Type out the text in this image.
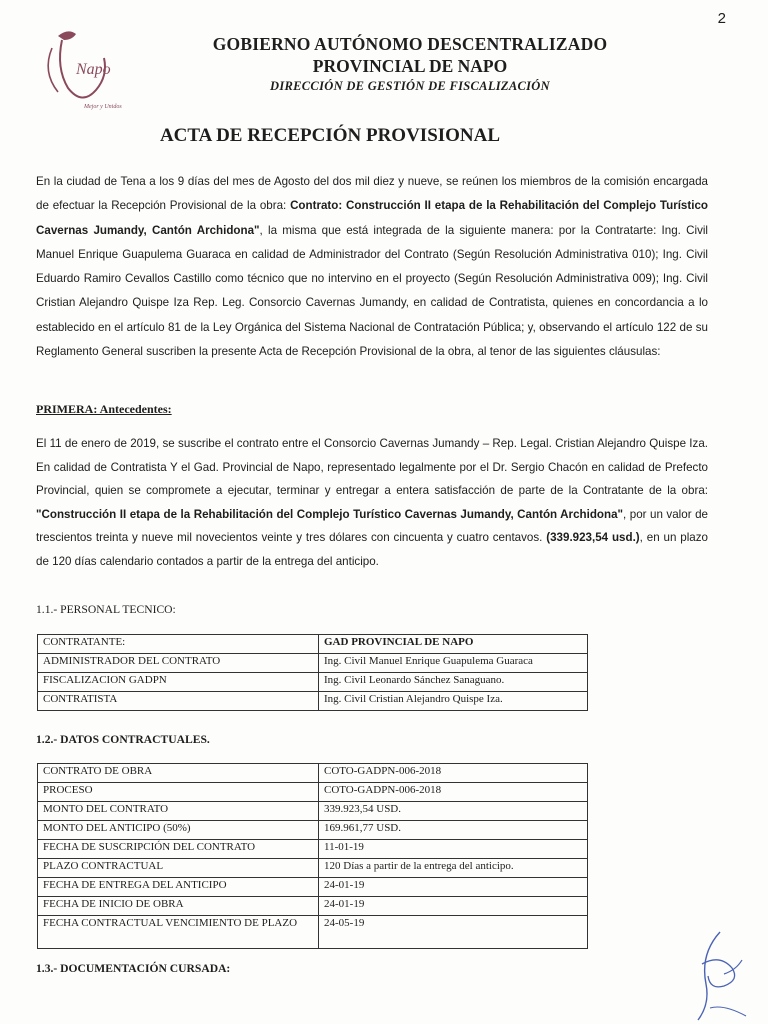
2
Napo
Mejor y Unidos
GOBIERNO AUTÓNOMO DESCENTRALIZADO
PROVINCIAL DE NAPO
DIRECCIÓN DE GESTIÓN DE FISCALIZACIÓN
ACTA DE RECEPCIÓN PROVISIONAL
En la ciudad de Tena a los 9 días del mes de Agosto del dos mil diez y nueve, se reúnen los miembros de la comisión encargada de efectuar la Recepción Provisional de la obra: Contrato: Construcción II etapa de la Rehabilitación del Complejo Turístico Cavernas Jumandy, Cantón Archidona", la misma que está integrada de la siguiente manera: por la Contratarte: Ing. Civil Manuel Enrique Guapulema Guaraca en calidad de Administrador del Contrato (Según Resolución Administrativa 010); Ing. Civil Eduardo Ramiro Cevallos Castillo como técnico que no intervino en el proyecto (Según Resolución Administrativa 009); Ing. Civil Cristian Alejandro Quispe Iza Rep. Leg. Consorcio Cavernas Jumandy, en calidad de Contratista, quienes en concordancia a lo establecido en el artículo 81 de la Ley Orgánica del Sistema Nacional de Contratación Pública; y, observando el artículo 122 de su Reglamento General suscriben la presente Acta de Recepción Provisional de la obra, al tenor de las siguientes cláusulas:
PRIMERA: Antecedentes:
El 11 de enero de 2019, se suscribe el contrato entre el Consorcio Cavernas Jumandy – Rep. Legal. Cristian Alejandro Quispe Iza. En calidad de Contratista Y el Gad. Provincial de Napo, representado legalmente por el Dr. Sergio Chacón en calidad de Prefecto Provincial, quien se compromete a ejecutar, terminar y entregar a entera satisfacción de parte de la Contratante de la obra: "Construcción II etapa de la Rehabilitación del Complejo Turístico Cavernas Jumandy, Cantón Archidona", por un valor de trescientos treinta y nueve mil novecientos veinte y tres dólares con cincuenta y cuatro centavos. (339.923,54 usd.), en un plazo de 120 días calendario contados a partir de la entrega del anticipo.
1.1.- PERSONAL TECNICO:
CONTRATANTE:	GAD PROVINCIAL DE NAPO
ADMINISTRADOR DEL CONTRATO	Ing. Civil Manuel Enrique Guapulema Guaraca
FISCALIZACION GADPN	Ing. Civil Leonardo Sánchez Sanaguano.
CONTRATISTA	Ing. Civil Cristian Alejandro Quispe Iza.
1.2.- DATOS CONTRACTUALES.
CONTRATO DE OBRA	COTO-GADPN-006-2018
PROCESO	COTO-GADPN-006-2018
MONTO DEL CONTRATO	339.923,54 USD.
MONTO DEL ANTICIPO (50%)	169.961,77 USD.
FECHA DE SUSCRIPCIÓN DEL CONTRATO	11-01-19
PLAZO CONTRACTUAL	120 Días a partir de la entrega del anticipo.
FECHA DE ENTREGA DEL ANTICIPO	24-01-19
FECHA DE INICIO DE OBRA	24-01-19
FECHA CONTRACTUAL VENCIMIENTO DE PLAZO	24-05-19
1.3.- DOCUMENTACIÓN CURSADA:
